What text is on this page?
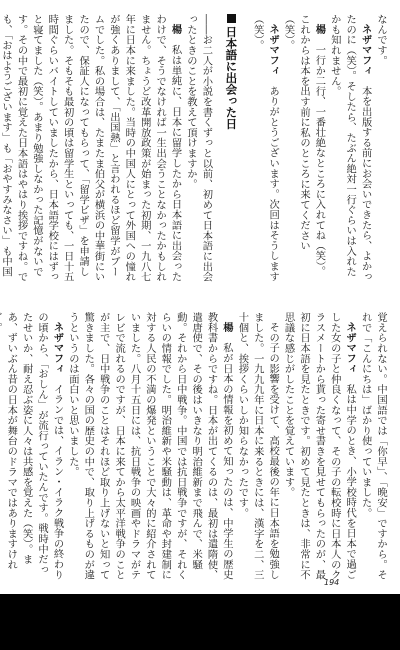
なんです。

ネザマフィ　本を出版する前にお会いできたら、よかったのに（笑）。そしたら、たぶん絶対一行ぐらいは入れたかも知れません。

楊　一行か二行、一番壮絶なところに入れてね（笑）。これからは本を出す前に私のところに来てください（笑）。

ネザマフィ　ありがとうございます。次回はそうします（笑）。

日本語に出会った日

――お二人が小説を書くずっと以前、初めて日本語に出会ったときのことを教えて頂けますか。

楊　私は単純に、日本に留学したから日本語に出会ったわけで、そうでなければ一生出会うことなかったかもしれません。ちょうど改革開放政策が始まった初期、一九八七年に日本に来ました。当時の中国人にとって外国への憧れが強くありまして、「出国熱」と言われるほど留学がブームでした。私の場合は、たまたま伯父が横浜の中華街にいたので、保証人になってもらって、「留学ビザ」を申請しました。そもそも最初の頃は留学生といっても、一日十五時間ぐらいバイトしていましたから、日本語学校にはずっと寝てました（笑）。あまり勉強しなかった記憶がないです。その中で最初に覚えた日本語はやはり挨拶ですね。でも、「おはようございます」も「おやすみなさい」も中国

覚えられない。中国語では「你早」、「晩安」ですから。それで「こんにちは」ばかり使っていました。

ネザマフィ　私は中学のとき、小学校時代を日本で過ごした女の子と仲良くなって、その子の転校時に日本人のクラスメートから貰った寄せ書きを見せてもらったのが、最初に日本語を見たときです。初めて見たときは、非常に不思議な感じがしたことを覚えています。

その子の影響を受けて、高校最後の年に日本語を勉強しました。一九九九年に日本に来るときには、漢字を二、三十個と、挨拶くらいしか知らなかったです。

楊　私が日本の情報を初めて知ったのは、中学生の歴史教科書からですね。日本が出てくるのは、最初は遣隋使、遣唐使で、その後はいきなり明治維新まで飛んで、米騒動。それから日中戦争。中国では抗日戦争ですが、それくらいの情報でした。明治維新や米騒動は、革命や封建制に対する人民の不満の爆発ということで大々的に紹介されていました。八月十五日には、抗日戦争の映画やドラマがテレビで流れるのですが、日本に来てから太平洋戦争のことが主で、日中戦争のことはそれほど取り上げないと知って驚きました。各々の国の歴史の中で、取り上げるものが違うというのは面白いと思いました。

ネザマフィ　イランでは、イラン・イラク戦争の終わりの頃から、「おしん」が流行っていたんです。戦時中だったせいか、耐え忍ぶ姿に人々は共感を覚えた（笑）。まあ、ずいぶん昔の日本が舞台のドラマではありますけれ

194
